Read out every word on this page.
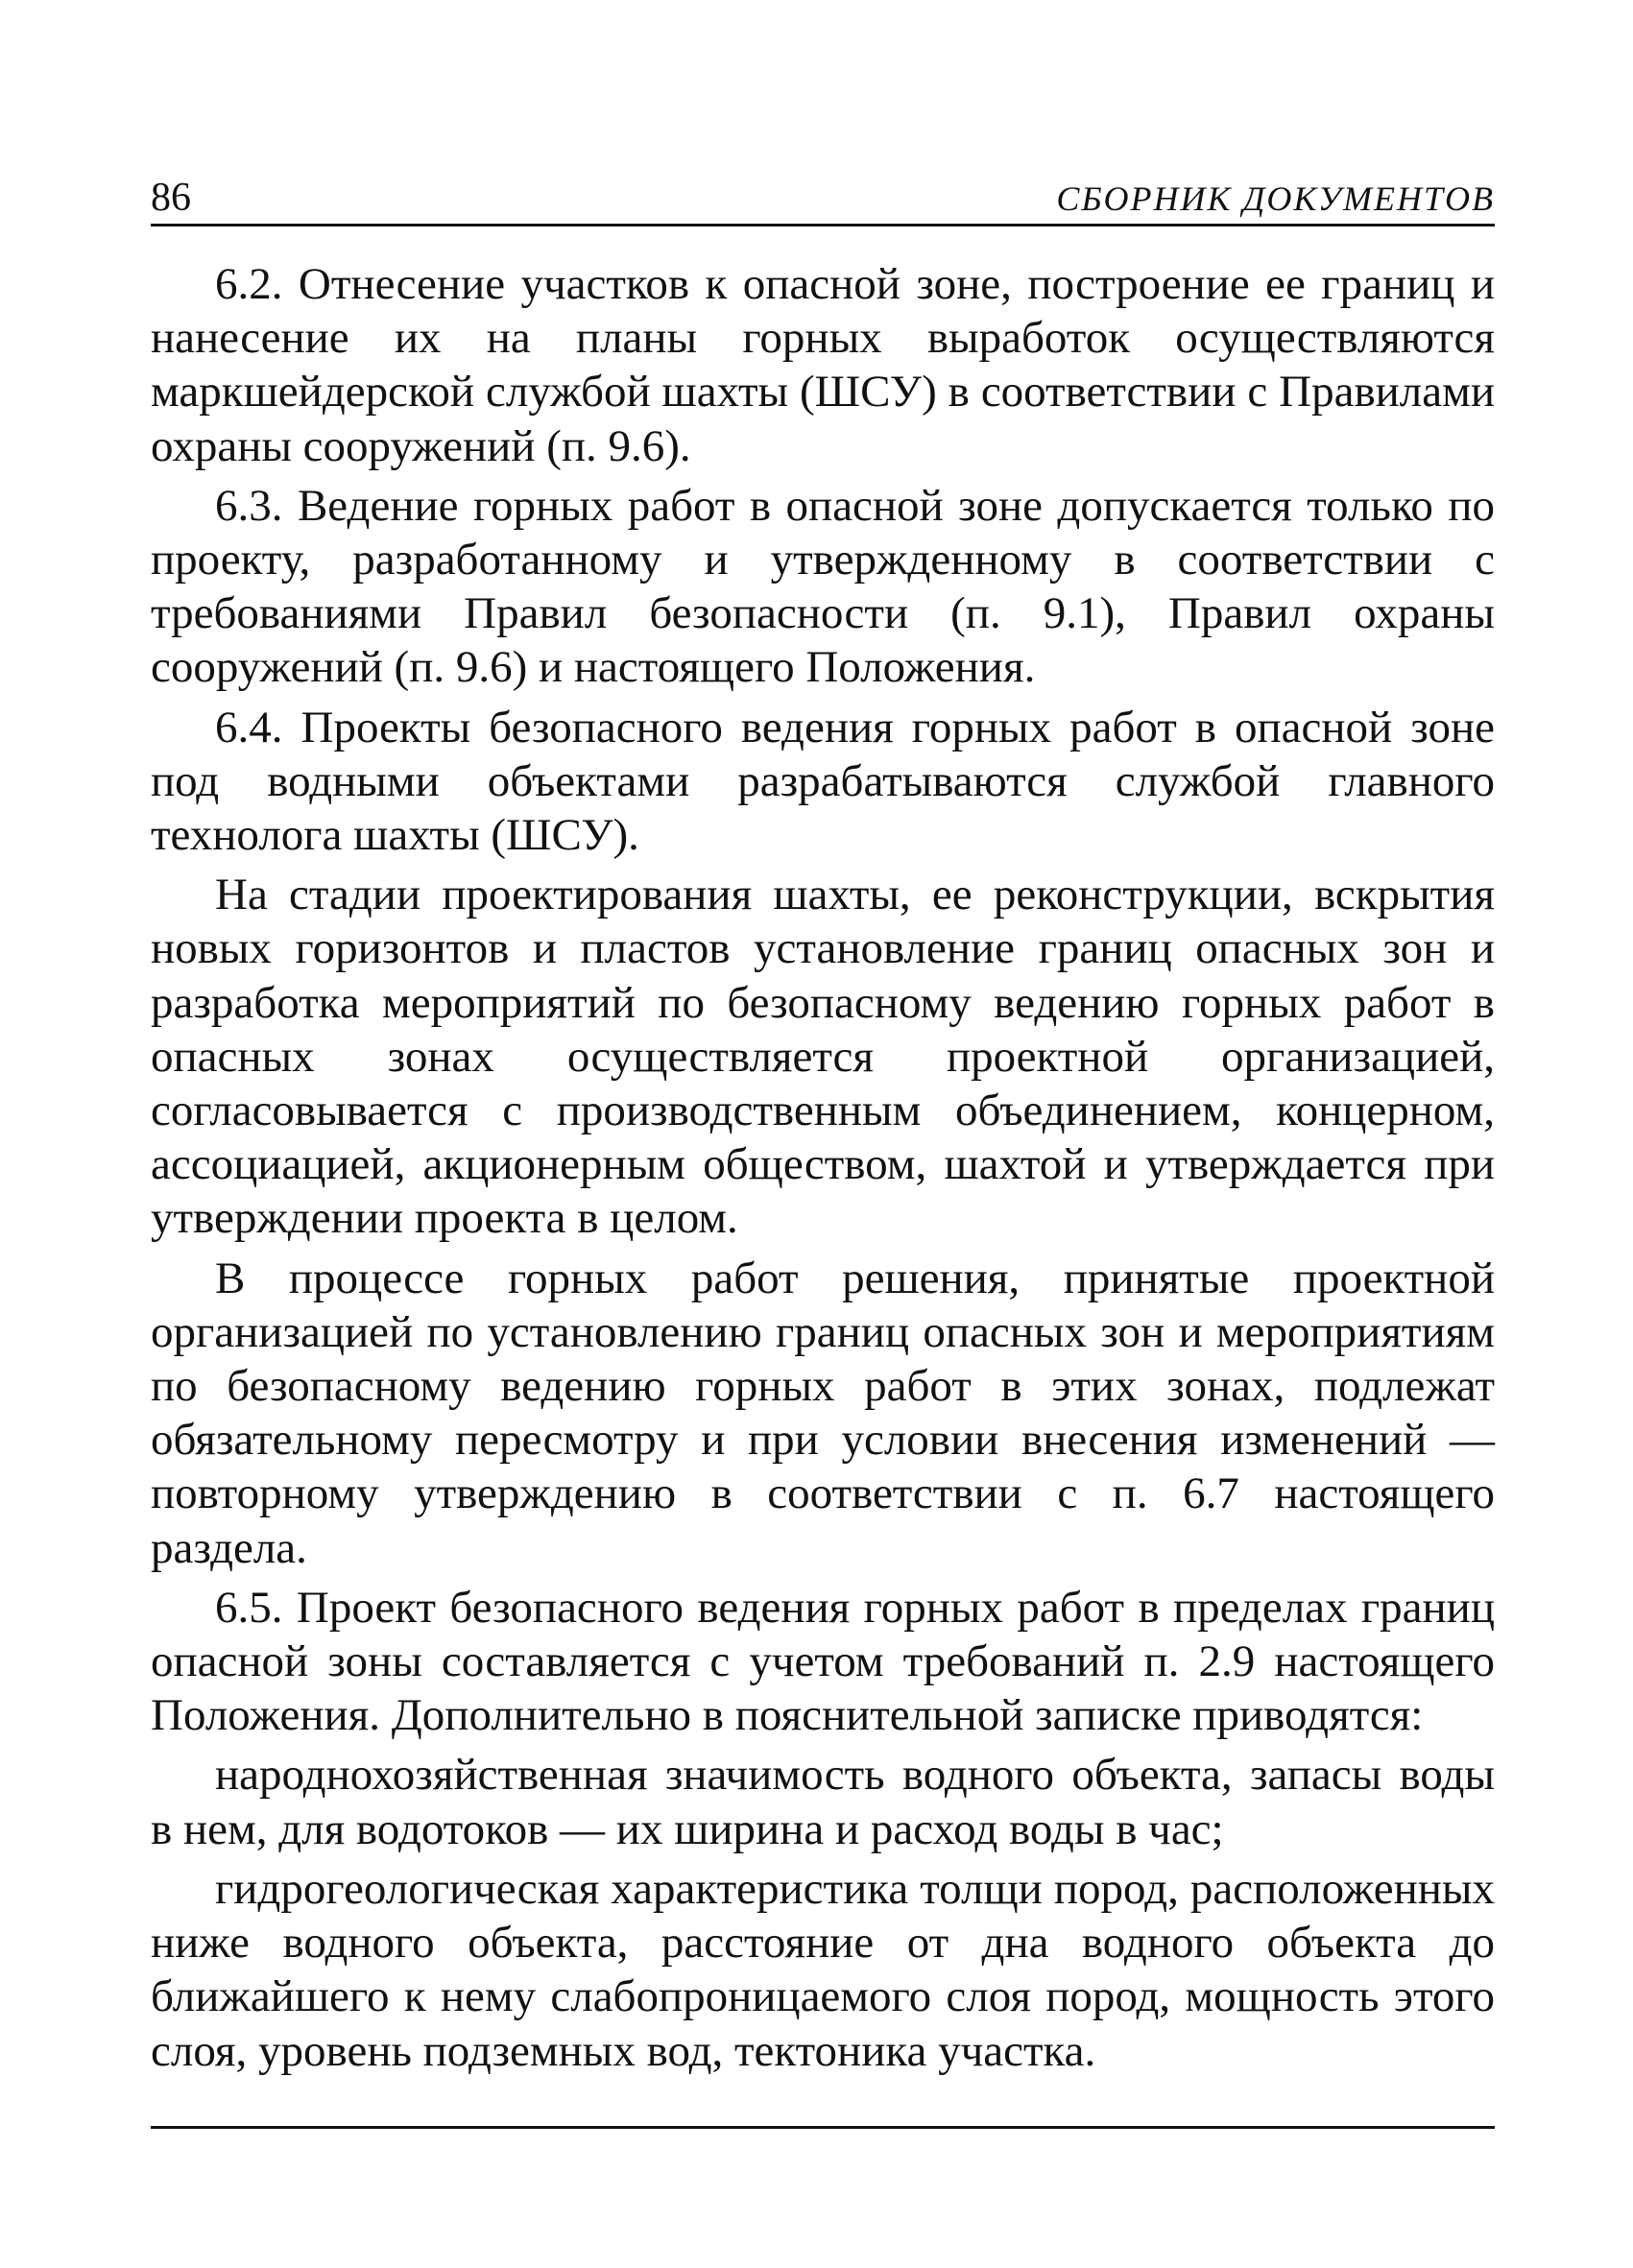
86	СБОРНИК ДОКУМЕНТОВ

6.2. Отнесение участков к опасной зоне, построение ее границ и нанесение их на планы горных выработок осуществляются маркшейдерской службой шахты (ШСУ) в соответствии с Правилами охраны сооружений (п. 9.6).

6.3. Ведение горных работ в опасной зоне допускается только по проекту, разработанному и утвержденному в соответствии с требованиями Правил безопасности (п. 9.1), Правил охраны сооружений (п. 9.6) и настоящего Положения.

6.4. Проекты безопасного ведения горных работ в опасной зоне под водными объектами разрабатываются службой главного технолога шахты (ШСУ).

На стадии проектирования шахты, ее реконструкции, вскрытия новых горизонтов и пластов установление границ опасных зон и разработка мероприятий по безопасному ведению горных работ в опасных зонах осуществляется проектной организацией, согласовывается с производственным объединением, концерном, ассоциацией, акционерным обществом, шахтой и утверждается при утверждении проекта в целом.

В процессе горных работ решения, принятые проектной организацией по установлению границ опасных зон и мероприятиям по безопасному ведению горных работ в этих зонах, подлежат обязательному пересмотру и при условии внесения изменений — повторному утверждению в соответствии с п. 6.7 настоящего раздела.

6.5. Проект безопасного ведения горных работ в пределах границ опасной зоны составляется с учетом требований п. 2.9 настоящего Положения. Дополнительно в пояснительной записке приводятся:

народнохозяйственная значимость водного объекта, запасы воды в нем, для водотоков — их ширина и расход воды в час;

гидрогеологическая характеристика толщи пород, расположенных ниже водного объекта, расстояние от дна водного объекта до ближайшего к нему слабопроницаемого слоя пород, мощность этого слоя, уровень подземных вод, тектоника участка.
